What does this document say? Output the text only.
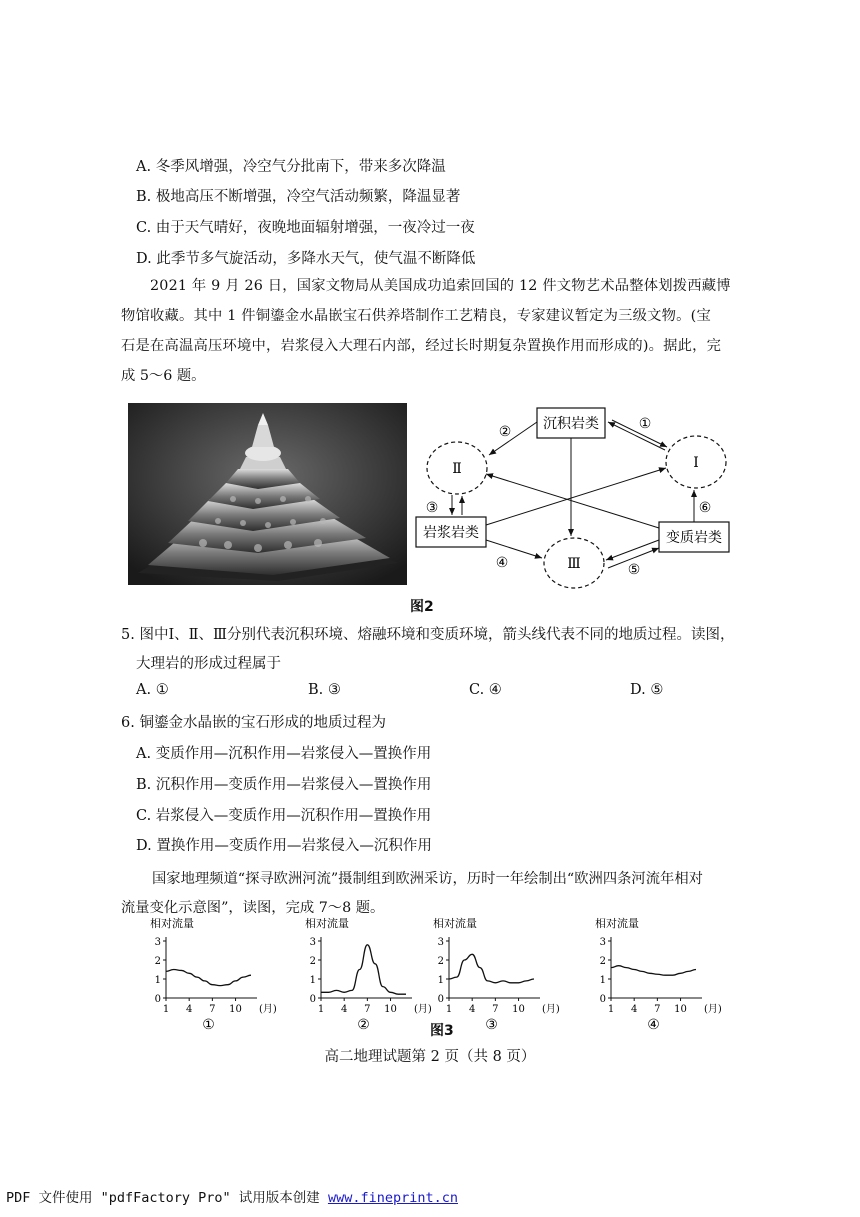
A. 冬季风增强，冷空气分批南下，带来多次降温
B. 极地高压不断增强，冷空气活动频繁，降温显著
C. 由于天气晴好，夜晚地面辐射增强，一夜冷过一夜
D. 此季节多气旋活动，多降水天气，使气温不断降低
2021 年 9 月 26 日，国家文物局从美国成功追索回国的 12 件文物艺术品整体划拨西藏博
物馆收藏。其中 1 件铜鎏金水晶嵌宝石供养塔制作工艺精良，专家建议暂定为三级文物。(宝
石是在高温高压环境中，岩浆侵入大理石内部，经过长时期复杂置换作用而形成的)。据此，完
成 5～6 题。
沉积岩类
岩浆岩类	变质岩类
Ⅱ	Ⅰ
Ⅲ
①
②
③
④	⑤
⑥
图2
5. 图中Ⅰ、Ⅱ、Ⅲ分别代表沉积环境、熔融环境和变质环境，箭头线代表不同的地质过程。读图，
大理岩的形成过程属于
A. ①	B. ③	C. ④	D. ⑤
6. 铜鎏金水晶嵌的宝石形成的地质过程为
A. 变质作用—沉积作用—岩浆侵入—置换作用
B. 沉积作用—变质作用—岩浆侵入—置换作用
C. 岩浆侵入—变质作用—沉积作用—置换作用
D. 置换作用—变质作用—岩浆侵入—沉积作用
国家地理频道“探寻欧洲河流”摄制组到欧洲采访，历时一年绘制出“欧洲四条河流年相对
流量变化示意图”，读图，完成 7～8 题。
相对流量
3
2
1
0
1 4 7 10 (月)
①
相对流量
3
2
1
0
1 4 7 10 (月)
②
相对流量
3
2
1
0
1 4 7 10 (月)
③
相对流量
3
2
1
0
1 4 7 10 (月)
④
图3
高二地理试题第 2 页（共 8 页）
PDF 文件使用 "pdfFactory Pro" 试用版本创建 www.fineprint.cn
